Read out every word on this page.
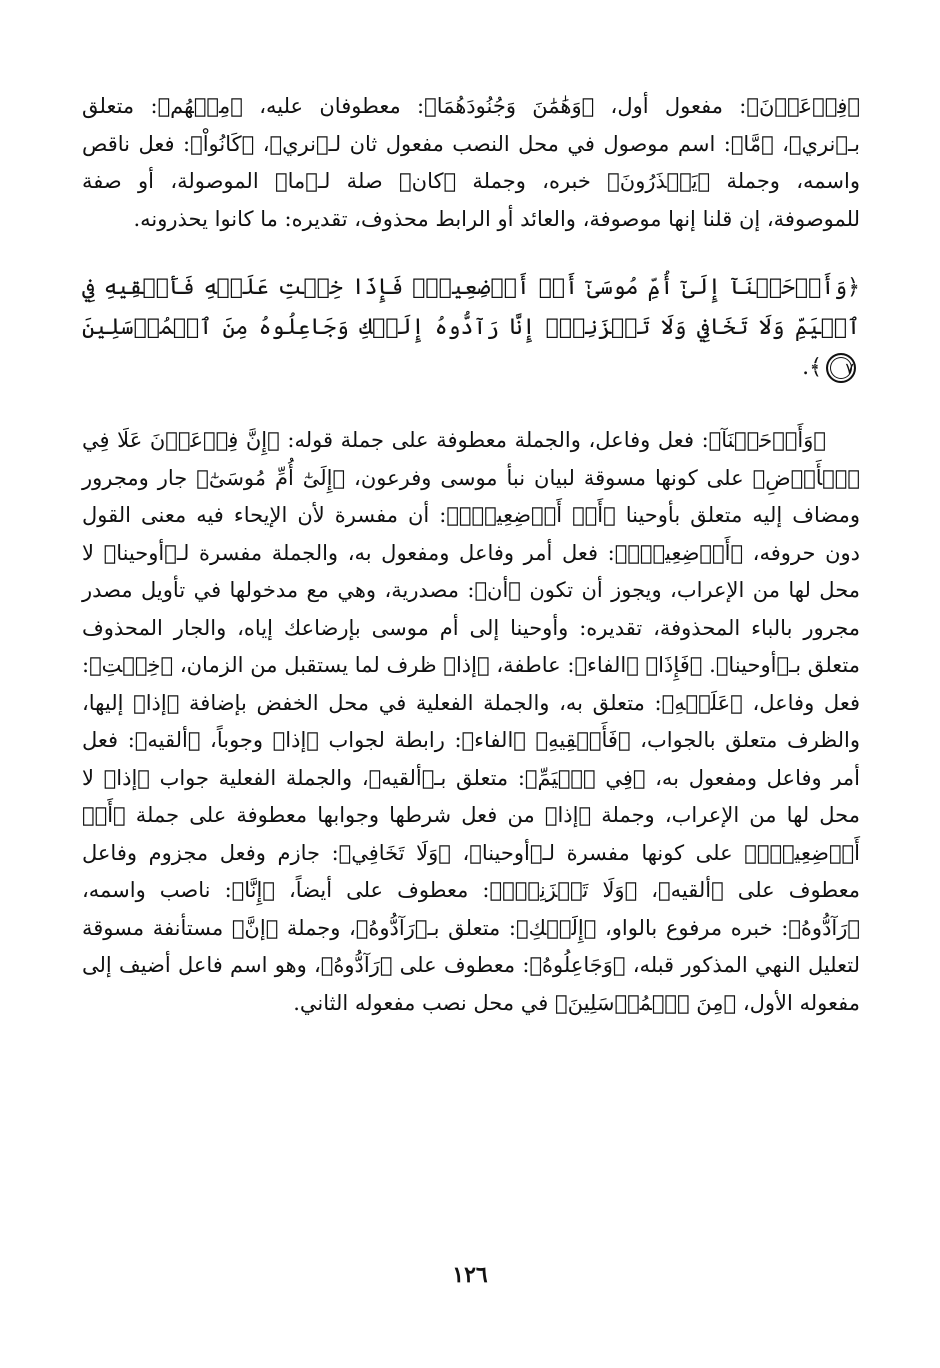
﴿فِرۡعَوۡنَ﴾: مفعول أول، ﴿وَهَٰمَٰنَ وَجُنُودَهُمَا﴾: معطوفان عليه، ﴿مِنۡهُم﴾: متعلق بـ﴿نري﴾، ﴿مَّا﴾: اسم موصول في محل النصب مفعول ثان لـ﴿نري﴾، ﴿كَانُواْ﴾: فعل ناقص واسمه، وجملة ﴿يَحۡذَرُونَ﴾ خبره، وجملة ﴿كان﴾ صلة لـ﴿ما﴾ الموصولة، أو صفة للموصوفة، إن قلنا إنها موصوفة، والعائد أو الرابط محذوف، تقديره: ما كانوا يحذرونه.

﴿وَأَوۡحَيۡنَآ إِلَىٰٓ أُمِّ مُوسَىٰٓ أَنۡ أَرۡضِعِيهِۖ فَإِذَا خِفۡتِ عَلَيۡهِ فَأَلۡقِيهِ فِي ٱلۡيَمِّ وَلَا تَخَافِي وَلَا تَحۡزَنِيٓۖ إِنَّا رَآدُّوهُ إِلَيۡكِ وَجَاعِلُوهُ مِنَ ٱلۡمُرۡسَلِينَ ٧﴾.

﴿وَأَوۡحَيۡنَآ﴾: فعل وفاعل، والجملة معطوفة على جملة قوله: ﴿إِنَّ فِرۡعَوۡنَ عَلَا فِي ٱلۡأَرۡضِ﴾ على كونها مسوقة لبيان نبأ موسى وفرعون، ﴿إِلَىٰٓ أُمِّ مُوسَىٰٓ﴾ جار ومجرور ومضاف إليه متعلق بأوحينا ﴿أَنۡ أَرۡضِعِيهِۖ﴾: أن مفسرة لأن الإيحاء فيه معنى القول دون حروفه، ﴿أَرۡضِعِيهِۖ﴾: فعل أمر وفاعل ومفعول به، والجملة مفسرة لـ﴿أوحينا﴾ لا محل لها من الإعراب، ويجوز أن تكون ﴿أن﴾: مصدرية، وهي مع مدخولها في تأويل مصدر مجرور بالباء المحذوفة، تقديره: وأوحينا إلى أم موسى بإرضاعك إياه، والجار المحذوف متعلق بـ﴿أوحينا﴾. ﴿فَإِذَا﴾ ﴿الفاء﴾: عاطفة، ﴿إذا﴾ ظرف لما يستقبل من الزمان، ﴿خِفۡتِ﴾: فعل وفاعل، ﴿عَلَيۡهِ﴾: متعلق به، والجملة الفعلية في محل الخفض بإضافة ﴿إذا﴾ إليها، والظرف متعلق بالجواب، ﴿فَأَلۡقِيهِ﴾ ﴿الفاء﴾: رابطة لجواب ﴿إذا﴾ وجوباً، ﴿ألقيه﴾: فعل أمر وفاعل ومفعول به، ﴿فِي ٱلۡيَمِّ﴾: متعلق بـ﴿ألقيه﴾، والجملة الفعلية جواب ﴿إذا﴾ لا محل لها من الإعراب، وجملة ﴿إذا﴾ من فعل شرطها وجوابها معطوفة على جملة ﴿أَنۡ أَرۡضِعِيهِۖ﴾ على كونها مفسرة لـ﴿أوحينا﴾، ﴿وَلَا تَخَافِي﴾: جازم وفعل مجزوم وفاعل معطوف على ﴿ألقيه﴾، ﴿وَلَا تَحۡزَنِيٓۖ﴾: معطوف على أيضاً، ﴿إِنَّا﴾: ناصب واسمه، ﴿رَآدُّوهُ﴾: خبره مرفوع بالواو، ﴿إِلَيۡكِ﴾: متعلق بـ﴿رَآدُّوهُ﴾، وجملة ﴿إنَّ﴾ مستأنفة مسوقة لتعليل النهي المذكور قبله، ﴿وَجَاعِلُوهُ﴾: معطوف على ﴿رَآدُّوهُ﴾، وهو اسم فاعل أضيف إلى مفعوله الأول، ﴿مِنَ ٱلۡمُرۡسَلِينَ﴾ في محل نصب مفعوله الثاني.

١٢٦
